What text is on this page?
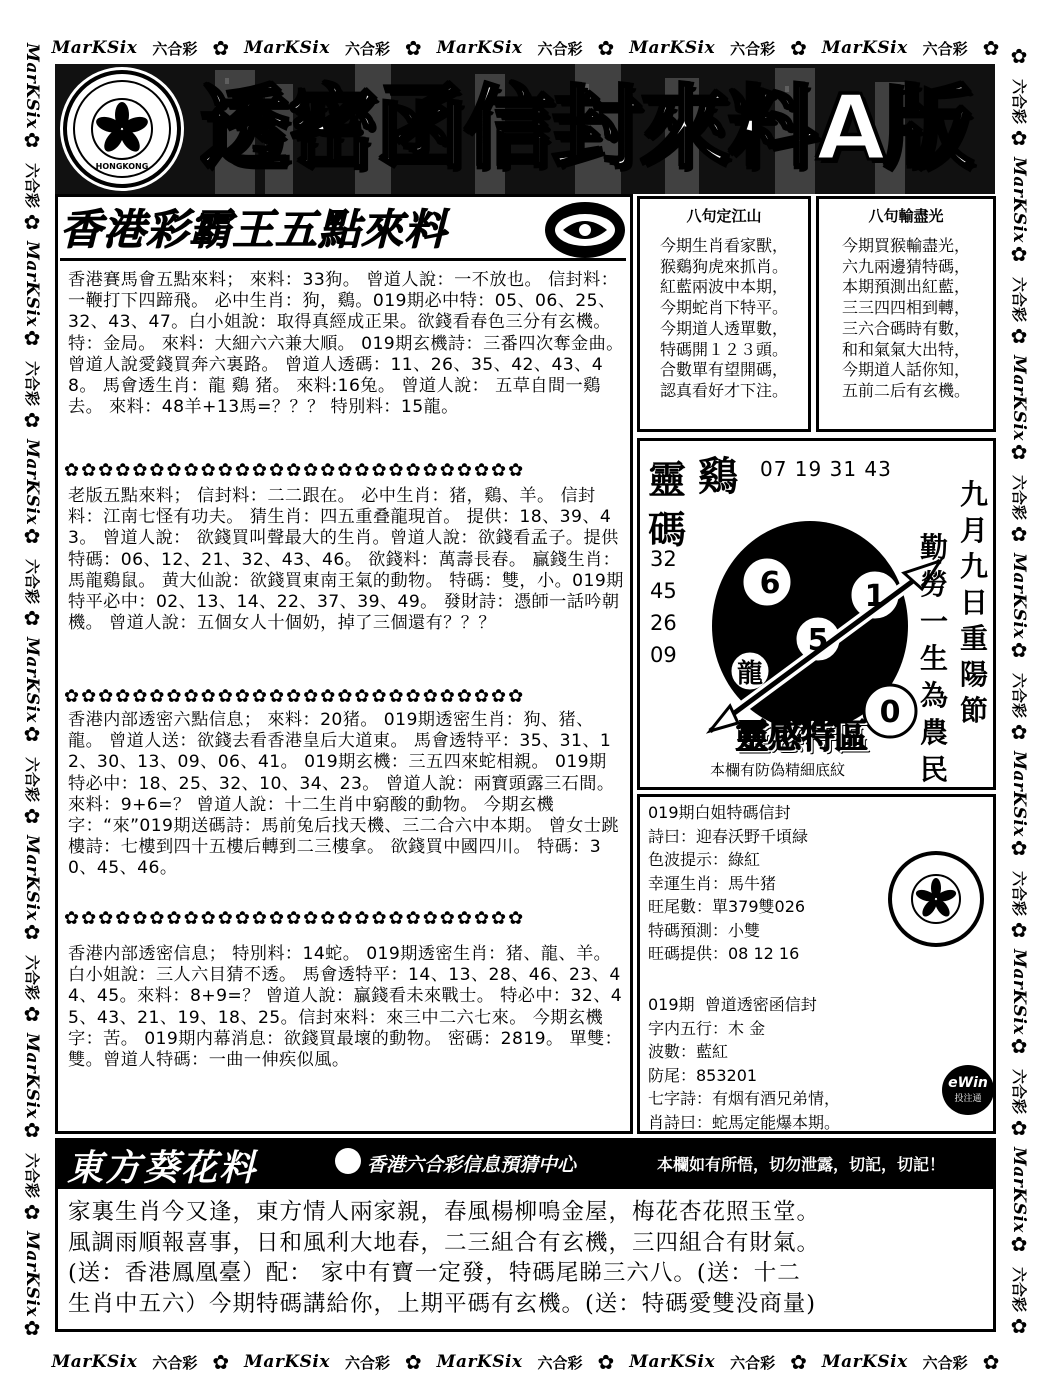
MarKSix 六合彩 ✿ MarKSix 六合彩 ✿ MarKSix 六合彩 ✿ MarKSix 六合彩 ✿ MarKSix 六合彩 ✿
MarKSix 六合彩 ✿ MarKSix 六合彩 ✿ MarKSix 六合彩 ✿ MarKSix 六合彩 ✿ MarKSix 六合彩 ✿
MarKSix
✿
六合彩
✿
MarKSix
✿
六合彩
✿
MarKSix
✿
六合彩
✿
MarKSix
✿
六合彩
✿
MarKSix
✿
六合彩
✿
MarKSix
✿
六合彩
✿
MarKSix
✿
✿
六合彩
✿
MarKSix
✿
六合彩
✿
MarKSix
✿
六合彩
✿
MarKSix
✿
六合彩
✿
MarKSix
✿
六合彩
✿
MarKSix
✿
六合彩
✿
MarKSix
✿
六合彩
✿
HONGKONG 透密函信封來料A版
香港彩霸王五點來料
香港賽馬會五點來料； 來料：33狗。 曾道人說：一不放也。 信封料：一鞭打下四蹄飛。 必中生肖：狗，鷄。019期必中特：05、06、25、32、43、47。白小姐說：取得真經成正果。欲錢看春色三分有玄機。 特：金局。 來料：大細六六兼大順。 019期玄機詩：三番四次奪金曲。曾道人說愛錢買奔六裏路。 曾道人透碼：11、26、35、42、43、48。 馬會透生肖：龍 鷄 猪。 來料:16兔。 曾道人說： 五草自間一鷄去。 來料：48羊+13馬=？？？ 特別料：15龍。
✿✿✿✿✿✿✿✿✿✿✿✿✿✿✿✿✿✿✿✿✿✿✿✿✿✿✿
老版五點來料； 信封料：二二跟在。 必中生肖：猪，鷄、羊。 信封料：江南七怪有功夫。 猜生肖：四五重叠龍現首。 提供：18、39、43。 曾道人說： 欲錢買叫聲最大的生肖。曾道人說：欲錢看孟子。提供特碼：06、12、21、32、43、46。 欲錢料：萬壽長春。 贏錢生肖：馬龍鷄鼠。 黄大仙說：欲錢買東南王氣的動物。 特碼：雙，小。019期特平必中：02、13、14、22、37、39、49。 發財詩：憑師一話吟朝機。 曾道人說：五個女人十個奶，掉了三個還有？？？
✿✿✿✿✿✿✿✿✿✿✿✿✿✿✿✿✿✿✿✿✿✿✿✿✿✿✿
香港内部透密六點信息； 來料：20猪。 019期透密生肖：狗、猪、龍。 曾道人送：欲錢去看香港皇后大道東。 馬會透特平：35、31、12、30、13、09、06、41。 019期玄機：三五四來蛇相親。 019期特必中：18、25、32、10、34、23。 曾道人說：兩寶頭露三石間。 來料：9+6=？ 曾道人說：十二生肖中窮酸的動物。 今期玄機字：“來”019期送碼詩：馬前兔后找天機、三二合六中本期。 曾女士跳樓詩：七樓到四十五樓后轉到二三樓拿。 欲錢買中國四川。 特碼：30、45、46。
✿✿✿✿✿✿✿✿✿✿✿✿✿✿✿✿✿✿✿✿✿✿✿✿✿✿✿
香港内部透密信息； 特別料：14蛇。 019期透密生肖：猪、龍、羊。白小姐說：三人六目猜不透。 馬會透特平：14、13、28、46、23、44、45。來料：8+9=？ 曾道人說：贏錢看未來戰士。 特必中：32、45、43、21、19、18、25。信封來料：來三中二六七來。 今期玄機字：苦。 019期内幕消息：欲錢買最壞的動物。 密碼：2819。 單雙：雙。曾道人特碼：一曲一伸疾似風。
八句定江山
今期生肖看家獸，
猴鷄狗虎來抓肖。
紅藍兩波中本期，
今期蛇肖下特平。
今期道人透單數，
特碼開１２３頭。
合數單有望開碼，
認真看好才下注。
八句輸盡光
今期買猴輸盡光，
六九兩邊猜特碼，
本期預測出紅藍，
三三四四相到轉，
三六合碼時有數，
和和氣氣大出特，
今期道人話你知，
五前二后有玄機。
靈 鷄
碼
07 19 31 43
32
45
26
09
6	1
5
0
龍
九月九日重陽節
勤勞一生為農民
靈感特區
本欄有防偽精細底紋
019期白姐特碼信封
詩曰：迎春沃野千頃緑
色波提示：綠紅
幸運生肖：馬牛猪
旺尾數：單379雙026
特碼預測：小雙
旺碼提供：08 12 16
019期  曾道透密函信封
字内五行：木 金
波數：藍紅
防尾：853201
七字詩：有烟有酒兄弟情，
肖詩曰：蛇馬定能爆本期。
eWin
投注通
東方葵花料	香港六合彩信息預猜中心	本欄如有所悟，切勿泄露，切記，切記！
家裏生肖今又逢，東方情人兩家親，春風楊柳鳴金屋，梅花杏花照玉堂。
風調雨順報喜事，日和風利大地春，二三組合有玄機，三四組合有財氣。
(送：香港鳳凰臺）配： 家中有寶一定發，特碼尾睇三六八。(送：十二
生肖中五六）今期特碼講給你，上期平碼有玄機。(送：特碼愛雙没商量)
